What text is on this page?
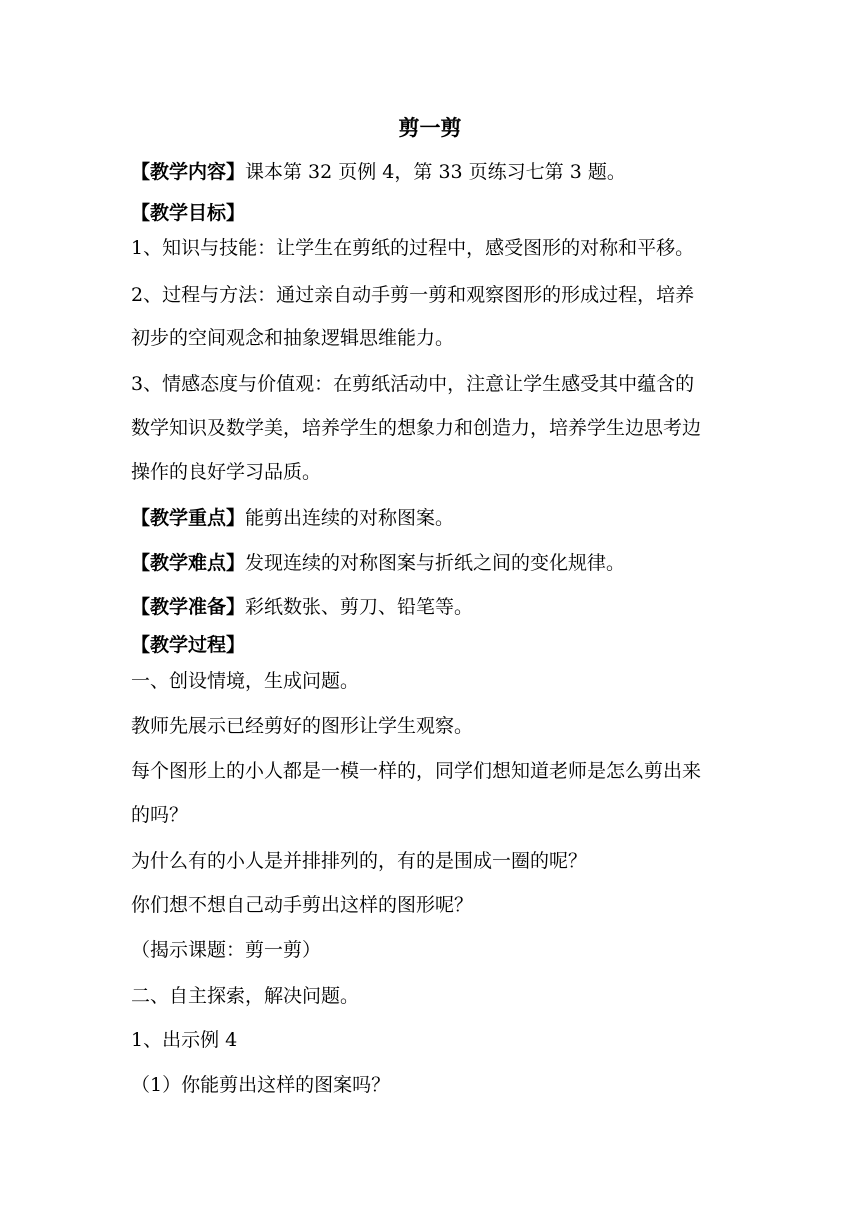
剪一剪
【教学内容】课本第 32 页例 4，第 33 页练习七第 3 题。
【教学目标】
1、知识与技能：让学生在剪纸的过程中，感受图形的对称和平移。
2、过程与方法：通过亲自动手剪一剪和观察图形的形成过程，培养
初步的空间观念和抽象逻辑思维能力。
3、情感态度与价值观：在剪纸活动中，注意让学生感受其中蕴含的
数学知识及数学美，培养学生的想象力和创造力，培养学生边思考边
操作的良好学习品质。
【教学重点】能剪出连续的对称图案。
【教学难点】发现连续的对称图案与折纸之间的变化规律。
【教学准备】彩纸数张、剪刀、铅笔等。
【教学过程】
一、创设情境，生成问题。
教师先展示已经剪好的图形让学生观察。
每个图形上的小人都是一模一样的，同学们想知道老师是怎么剪出来
的吗？
为什么有的小人是并排排列的，有的是围成一圈的呢？
你们想不想自己动手剪出这样的图形呢？
（揭示课题：剪一剪）
二、自主探索，解决问题。
1、出示例 4
（1）你能剪出这样的图案吗？
